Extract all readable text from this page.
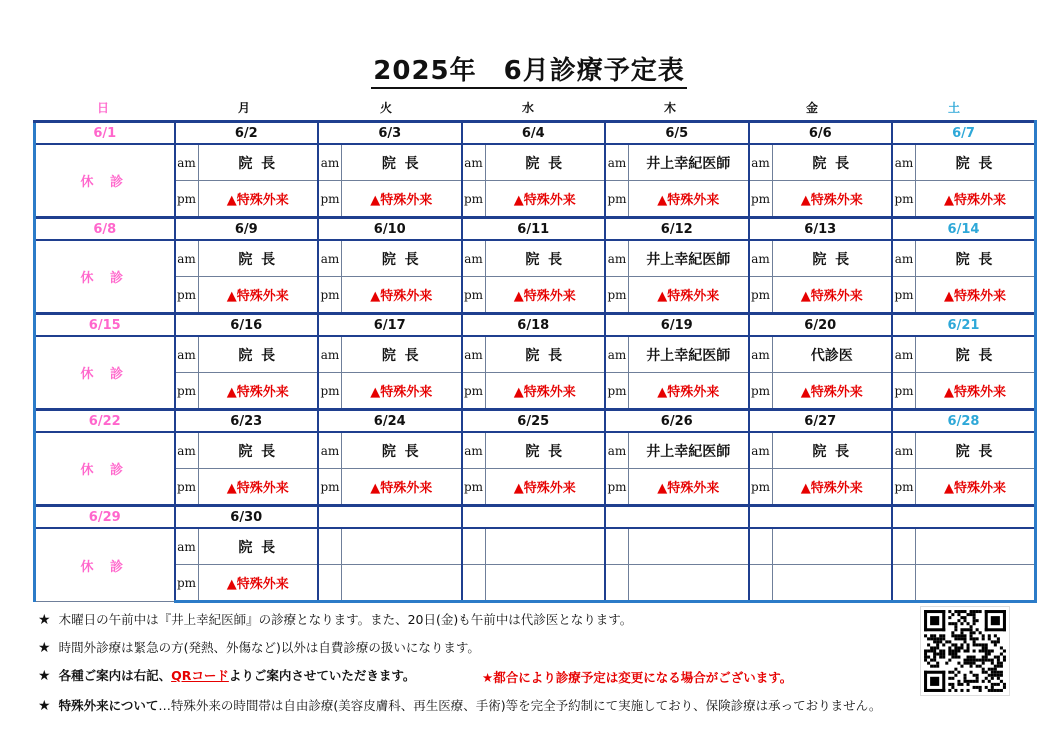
2025年　6月診療予定表
日	月	火	水	木	金	土
6/1	6/2		6/3		6/4		6/5		6/6		6/7	
休 診	am	院 長	am	院 長	am	院 長	am	井上幸紀医師	am	院 長	am	院 長
	pm	▲特殊外来	pm	▲特殊外来	pm	▲特殊外来	pm	▲特殊外来	pm	▲特殊外来	pm	▲特殊外来
6/8	6/9		6/10		6/11		6/12		6/13		6/14	
休 診	am	院 長	am	院 長	am	院 長	am	井上幸紀医師	am	院 長	am	院 長
	pm	▲特殊外来	pm	▲特殊外来	pm	▲特殊外来	pm	▲特殊外来	pm	▲特殊外来	pm	▲特殊外来
6/15	6/16		6/17		6/18		6/19		6/20		6/21	
休 診	am	院 長	am	院 長	am	院 長	am	井上幸紀医師	am	代診医	am	院 長
	pm	▲特殊外来	pm	▲特殊外来	pm	▲特殊外来	pm	▲特殊外来	pm	▲特殊外来	pm	▲特殊外来
6/22	6/23		6/24		6/25		6/26		6/27		6/28	
休 診	am	院 長	am	院 長	am	院 長	am	井上幸紀医師	am	院 長	am	院 長
	pm	▲特殊外来	pm	▲特殊外来	pm	▲特殊外来	pm	▲特殊外来	pm	▲特殊外来	pm	▲特殊外来
6/29	6/30											
休 診	am	院 長										
	pm	▲特殊外来										
★ 木曜日の午前中は『井上幸紀医師』の診療となります。また、20日(金)も午前中は代診医となります。
★ 時間外診療は緊急の方(発熱、外傷など)以外は自費診療の扱いになります。
★ 各種ご案内は右記、QRコードよりご案内させていただきます。	★都合により診療予定は変更になる場合がございます。
★ 特殊外来について…特殊外来の時間帯は自由診療(美容皮膚科、再生医療、手術)等を完全予約制にて実施しており、保険診療は承っておりません。
